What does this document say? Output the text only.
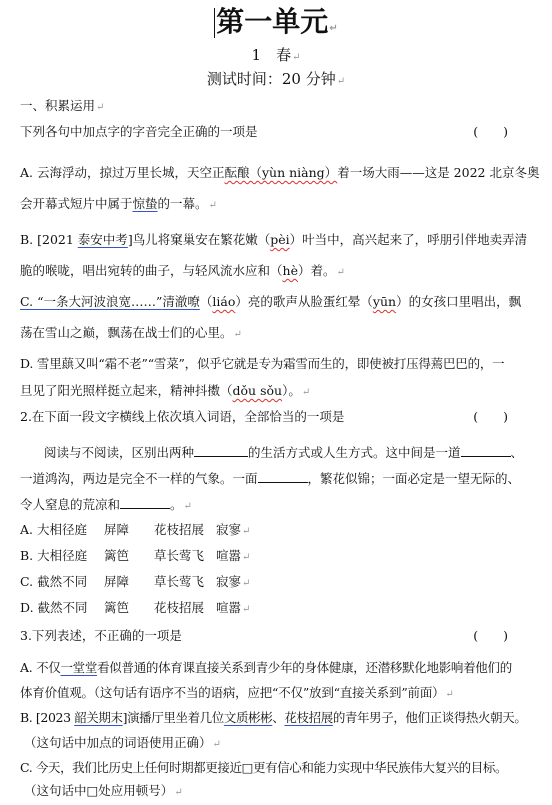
第一单元↵
1　春↵
测试时间：20 分钟↵
一、积累运用↵
下列各句中加点字的字音完全正确的一项是	(　　)
A. 云海浮动，掠过万里长城，天空正酝酿（yùn niàng）着一场大雨——这是 2022 北京冬奥
会开幕式短片中属于惊蛰的一幕。↵
B. [2021 泰安中考]鸟儿将窠巢安在繁花嫩（pèi）叶当中，高兴起来了，呼朋引伴地卖弄清
脆的喉咙，唱出宛转的曲子，与轻风流水应和（hè）着。↵
C. “一条大河波浪宽……”清澈嘹（liáo）亮的歌声从脸蛋红晕（yūn）的女孩口里唱出，飘
荡在雪山之巅，飘荡在战士们的心里。↵
D. 雪里蕻又叫“霜不老”“雪菜”，似乎它就是专为霜雪而生的，即使被打压得蔫巴巴的，一
旦见了阳光照样挺立起来，精神抖擞（dǒu sǒu）。↵
2.在下面一段文字横线上依次填入词语，全部恰当的一项是	(　　)
阅读与不阅读，区别出两种	的生活方式或人生方式。这中间是一道	、
一道鸿沟，两边是完全不一样的气象。一面	，繁花似锦；一面必定是一望无际的、
令人窒息的荒凉和	。↵
A. 大相径庭 屏障 花枝招展 寂寥↵
B. 大相径庭 篱笆 草长莺飞 喧嚣↵
C. 截然不同 屏障 草长莺飞 寂寥↵
D. 截然不同 篱笆 花枝招展 喧嚣↵
3.下列表述，不正确的一项是	(　　)
A. 不仅一堂堂看似普通的体育课直接关系到青少年的身体健康，还潜移默化地影响着他们的
体育价值观。（这句话有语序不当的语病，应把“不仅”放到“直接关系到”前面）↵
B. [2023 韶关期末]演播厅里坐着几位文质彬彬、花枝招展的青年男子，他们正谈得热火朝天。
（这句话中加点的词语使用正确）↵
C. 今天，我们比历史上任何时期都更接近□更有信心和能力实现中华民族伟大复兴的目标。
（这句话中□处应用顿号）↵
